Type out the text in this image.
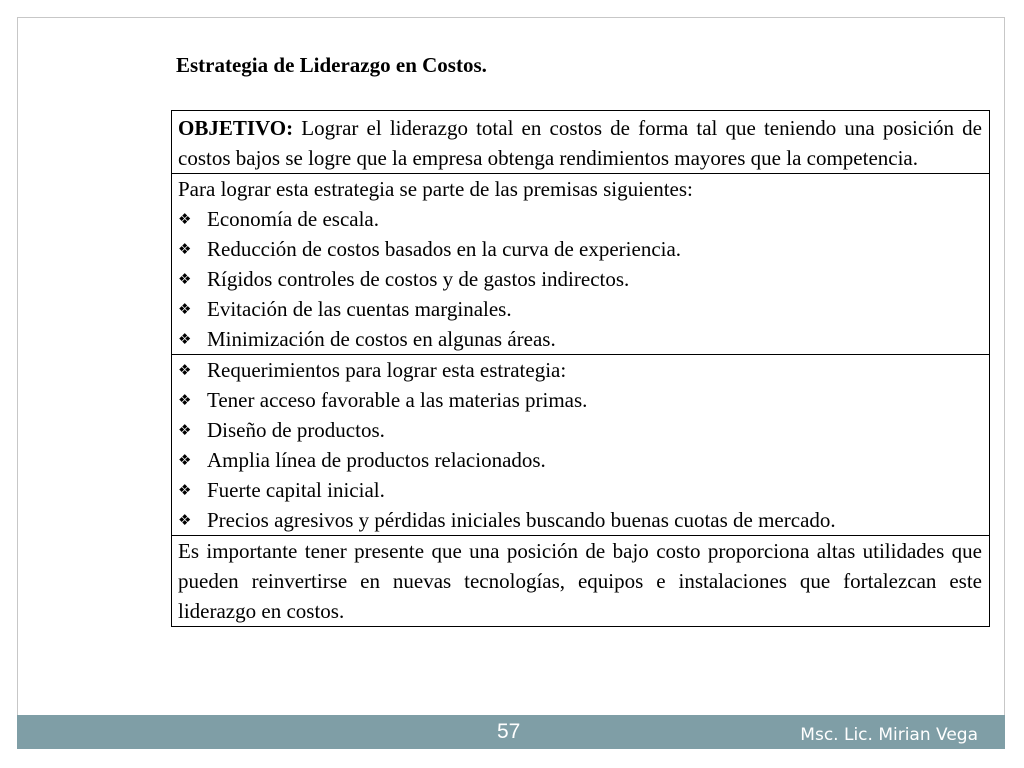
Estrategia de Liderazgo en Costos.
OBJETIVO: Lograr el liderazgo total en costos de forma tal que teniendo una posición de costos bajos se logre que la empresa obtenga rendimientos mayores que la competencia.
Para lograr esta estrategia se parte de las premisas siguientes:
❖ Economía de escala.
❖ Reducción de costos basados en la curva de experiencia.
❖ Rígidos controles de costos y de gastos indirectos.
❖ Evitación de las cuentas marginales.
❖ Minimización de costos en algunas áreas.
❖ Requerimientos para lograr esta estrategia:
❖ Tener acceso favorable a las materias primas.
❖ Diseño de productos.
❖ Amplia línea de productos relacionados.
❖ Fuerte capital inicial.
❖ Precios agresivos y pérdidas iniciales buscando buenas cuotas de mercado.
Es importante tener presente que una posición de bajo costo proporciona altas utilidades que pueden reinvertirse en nuevas tecnologías, equipos e instalaciones que fortalezcan este liderazgo en costos.
57	Msc. Lic. Mirian Vega
